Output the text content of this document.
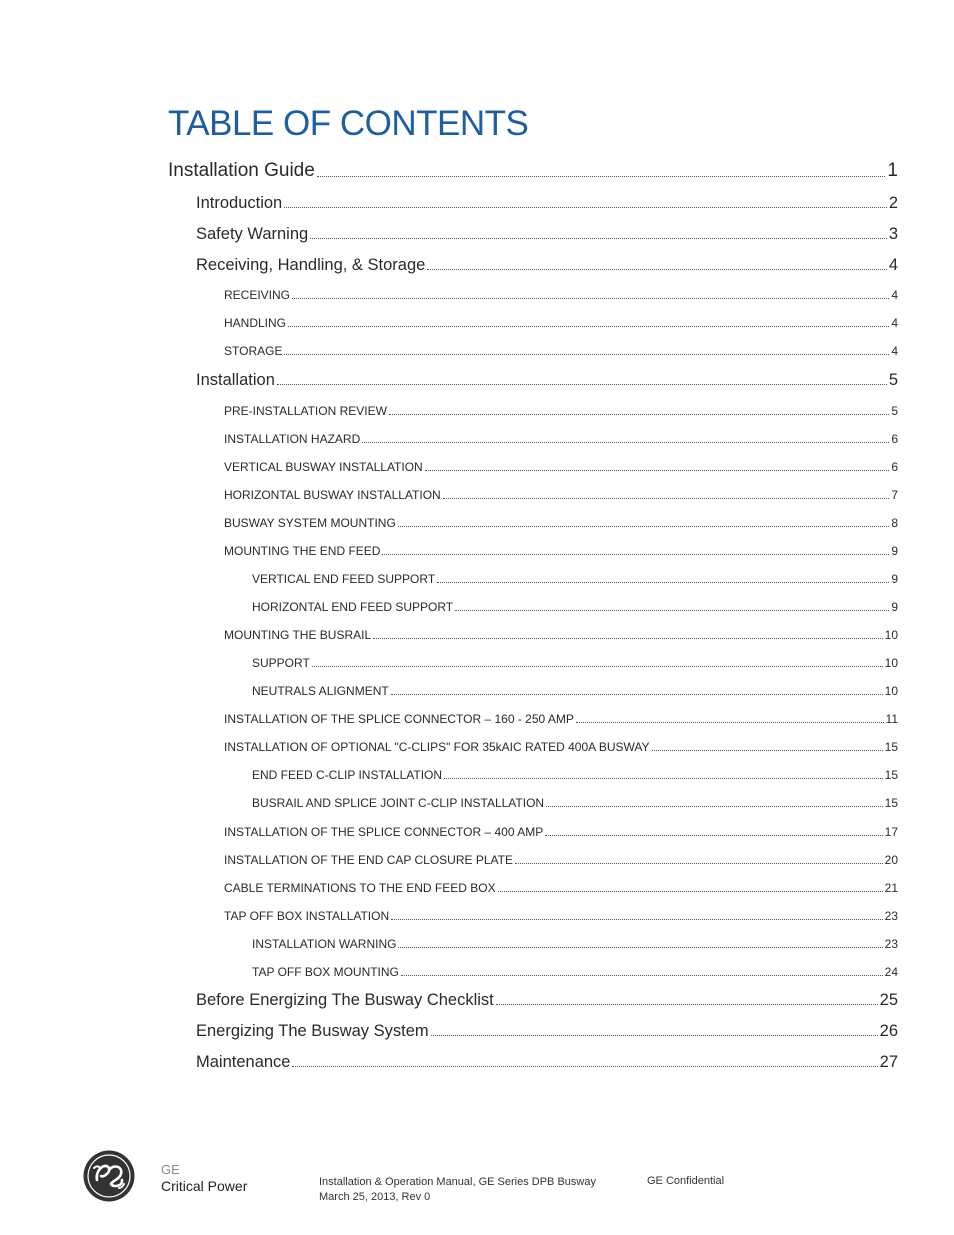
TABLE OF CONTENTS
Installation Guide	1
Introduction	2
Safety Warning	3
Receiving, Handling, & Storage	4
RECEIVING	4
HANDLING	4
STORAGE	4
Installation	5
PRE-INSTALLATION REVIEW	5
INSTALLATION HAZARD	6
VERTICAL BUSWAY INSTALLATION	6
HORIZONTAL BUSWAY INSTALLATION	7
BUSWAY SYSTEM MOUNTING	8
MOUNTING THE END FEED	9
VERTICAL END FEED SUPPORT	9
HORIZONTAL END FEED SUPPORT	9
MOUNTING THE BUSRAIL	10
SUPPORT	10
NEUTRALS ALIGNMENT	10
INSTALLATION OF THE SPLICE CONNECTOR – 160 - 250 AMP	11
INSTALLATION OF OPTIONAL "C-CLIPS" FOR 35kAIC RATED 400A BUSWAY	15
END FEED C-CLIP INSTALLATION	15
BUSRAIL AND SPLICE JOINT C-CLIP INSTALLATION	15
INSTALLATION OF THE SPLICE CONNECTOR – 400 AMP	17
INSTALLATION OF THE END CAP CLOSURE PLATE	20
CABLE TERMINATIONS TO THE END FEED BOX	21
TAP OFF BOX INSTALLATION	23
INSTALLATION WARNING	23
TAP OFF BOX MOUNTING	24
Before Energizing The Busway Checklist	25
Energizing The Busway System	26
Maintenance	27
GE
Critical Power	Installation & Operation Manual, GE Series DPB Busway
March 25, 2013, Rev 0
GE Confidential
